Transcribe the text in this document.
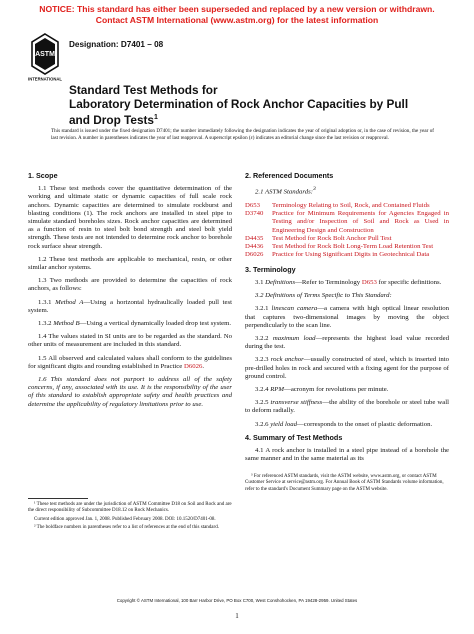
NOTICE: This standard has either been superseded and replaced by a new version or withdrawn.
Contact ASTM International (www.astm.org) for the latest information
ASTM
INTERNATIONAL
Designation: D7401 – 08
Standard Test Methods for
Laboratory Determination of Rock Anchor Capacities by Pull
and Drop Tests$^1$
This standard is issued under the fixed designation D7401; the number immediately following the designation indicates the year of original adoption or, in the case of revision, the year of last revision. A number in parentheses indicates the year of last reapproval. A superscript epsilon (ε) indicates an editorial change since the last revision or reapproval.
1. Scope
1.1 These test methods cover the quantitative determination of the working and ultimate static or dynamic capacities of full scale rock anchors. Dynamic capacities are determined to simulate rockburst and blasting conditions (1). The rock anchors are installed in steel pipe to simulate standard boreholes sizes. Rock anchor capacities are determined as a function of resin to steel bolt bond strength and steel bolt yield strength. These tests are not intended to determine rock anchor to borehole rock surface shear strength.
1.2 These test methods are applicable to mechanical, resin, or other similar anchor systems.
1.3 Two methods are provided to determine the capacities of rock anchors, as follows:
1.3.1 Method A—Using a horizontal hydraulically loaded pull test system.
1.3.2 Method B—Using a vertical dynamically loaded drop test system.
1.4 The values stated in SI units are to be regarded as the standard. No other units of measurement are included in this standard.
1.5 All observed and calculated values shall conform to the guidelines for significant digits and rounding established in Practice D6026.
1.6 This standard does not purport to address all of the safety concerns, if any, associated with its use. It is the responsibility of the user of this standard to establish appropriate safety and health practices and determine the applicability of regulatory limitations prior to use.
¹ These test methods are under the jurisdiction of ASTM Committee D18 on Soil and Rock and are the direct responsibility of Subcommittee D18.12 on Rock Mechanics.
Current edition approved Jan. 1, 2008. Published February 2008. DOI: 10.1520/D7401-08.
² The boldface numbers in parentheses refer to a list of references at the end of this standard.
2. Referenced Documents
2.1 ASTM Standards:$^3$
D653	Terminology Relating to Soil, Rock, and Contained Fluids
D3740	Practice for Minimum Requirements for Agencies Engaged in Testing and/or Inspection of Soil and Rock as Used in Engineering Design and Construction
D4435	Test Method for Rock Bolt Anchor Pull Test
D4436	Test Method for Rock Bolt Long-Term Load Retention Test
D6026	Practice for Using Significant Digits in Geotechnical Data
3. Terminology
3.1 Definitions—Refer to Terminology D653 for specific definitions.
3.2 Definitions of Terms Specific to This Standard:
3.2.1 linescan camera—a camera with high optical linear resolution that captures two-dimensional images by moving the object perpendicularly to the scan line.
3.2.2 maximum load—represents the highest load value recorded during the test.
3.2.3 rock anchor—usually constructed of steel, which is inserted into pre-drilled holes in rock and secured with a fixing agent for the purpose of ground control.
3.2.4 RPM—acronym for revolutions per minute.
3.2.5 transverse stiffness—the ability of the borehole or steel tube wall to deform radially.
3.2.6 yield load—corresponds to the onset of plastic deformation.
4. Summary of Test Methods
4.1 A rock anchor is installed in a steel pipe instead of a borehole the same manner and in the same material as its
³ For referenced ASTM standards, visit the ASTM website, www.astm.org, or contact ASTM Customer Service at service@astm.org. For Annual Book of ASTM Standards volume information, refer to the standard's Document Summary page on the ASTM website.
Copyright © ASTM International, 100 Barr Harbor Drive, PO Box C700, West Conshohocken, PA 19428-2959. United States
1
